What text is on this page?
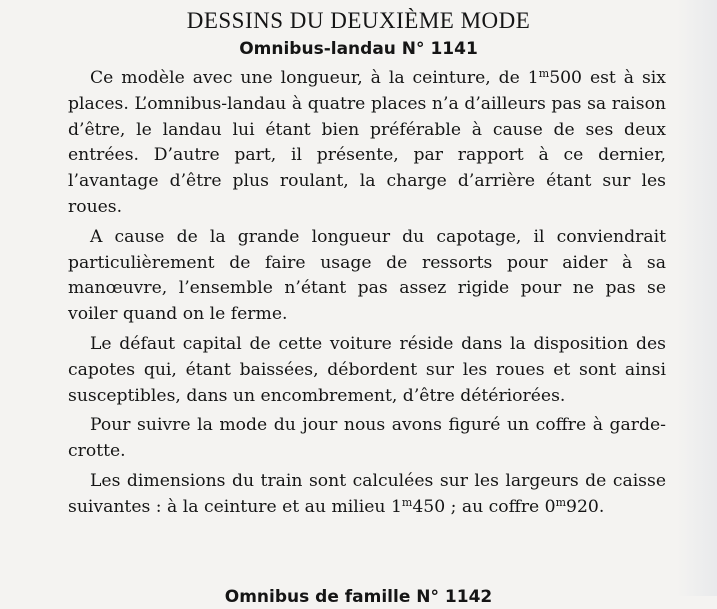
DESSINS DU DEUXIÈME MODE
Omnibus-landau N° 1141

Ce modèle avec une longueur, à la ceinture, de 1$^m$500 est à six places. L’omnibus-landau à quatre places n’a d’ailleurs pas sa raison d’être, le landau lui étant bien préférable à cause de ses deux entrées. D’autre part, il présente, par rapport à ce dernier, l’avantage d’être plus roulant, la charge d’arrière étant sur les roues.

A cause de la grande longueur du capotage, il conviendrait particulièrement de faire usage de ressorts pour aider à sa manœuvre, l’ensemble n’étant pas assez rigide pour ne pas se voiler quand on le ferme.

Le défaut capital de cette voiture réside dans la disposition des capotes qui, étant baissées, débordent sur les roues et sont ainsi susceptibles, dans un encombrement, d’être détériorées.

Pour suivre la mode du jour nous avons figuré un coffre à garde-crotte.

Les dimensions du train sont calculées sur les largeurs de caisse suivantes : à la ceinture et au milieu 1$^m$450 ; au coffre 0$^m$920.

Omnibus de famille N° 1142
